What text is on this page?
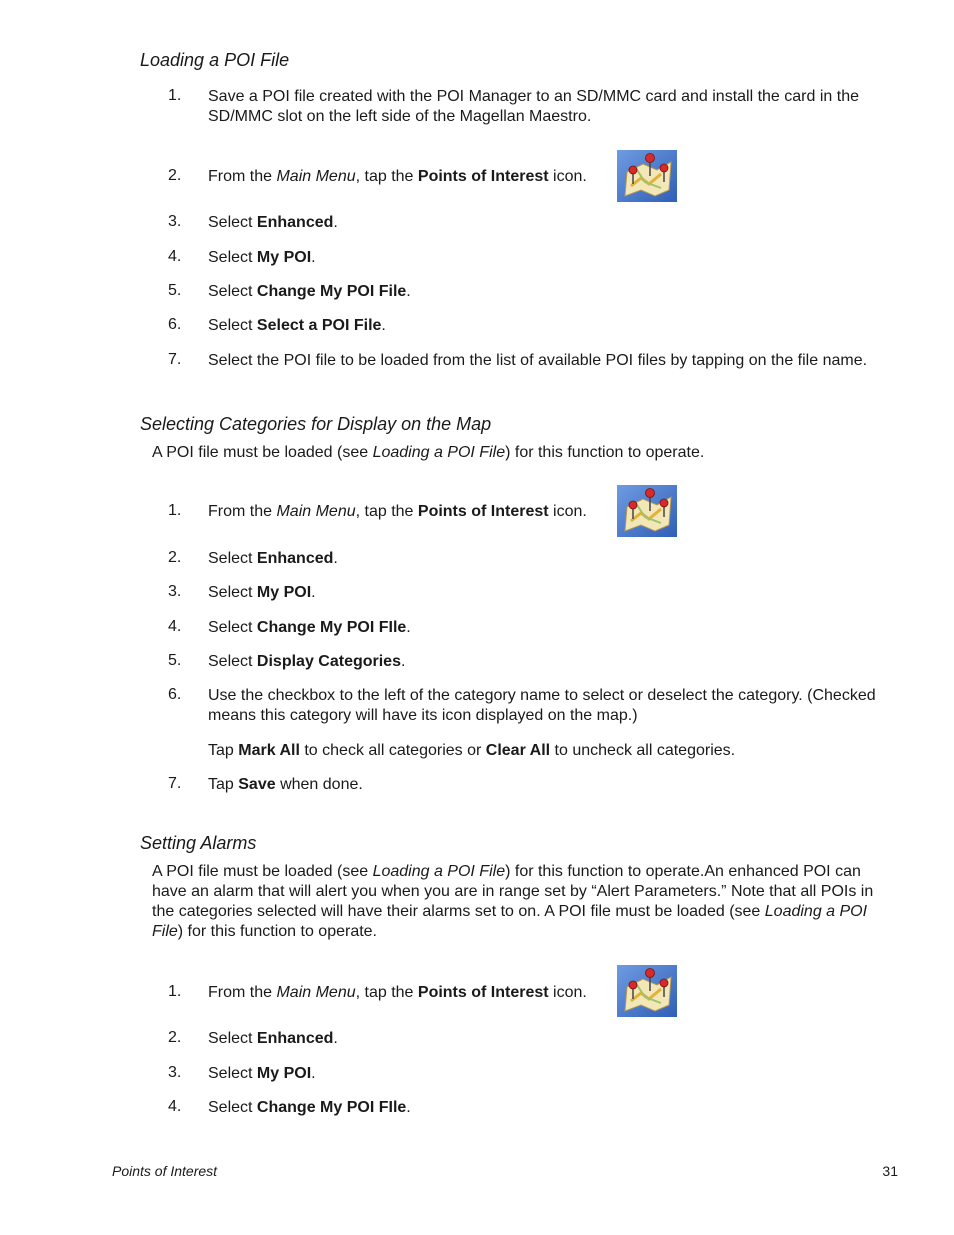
Loading a POI File
1. Save a POI file created with the POI Manager to an SD/MMC card and install the card in the SD/MMC slot on the left side of the Magellan Maestro.
2. From the Main Menu, tap the Points of Interest icon.
3. Select Enhanced.
4. Select My POI.
5. Select Change My POI File.
6. Select Select a POI File.
7. Select the POI file to be loaded from the list of available POI files by tapping on the file name.
Selecting Categories for Display on the Map
A POI file must be loaded (see Loading a POI File) for this function to operate.
1. From the Main Menu, tap the Points of Interest icon.
2. Select Enhanced.
3. Select My POI.
4. Select Change My POI FIle.
5. Select Display Categories.
6. Use the checkbox to the left of the category name to select or deselect the category. (Checked means this category will have its icon displayed on the map.)
Tap Mark All to check all categories or Clear All to uncheck all categories.
7. Tap Save when done.
Setting Alarms
A POI file must be loaded (see Loading a POI File) for this function to operate.An enhanced POI can have an alarm that will alert you when you are in range set by “Alert Parameters.” Note that all POIs in the categories selected will have their alarms set to on. A POI file must be loaded (see Loading a POI File) for this function to operate.
1. From the Main Menu, tap the Points of Interest icon.
2. Select Enhanced.
3. Select My POI.
4. Select Change My POI FIle.
Points of Interest	31
